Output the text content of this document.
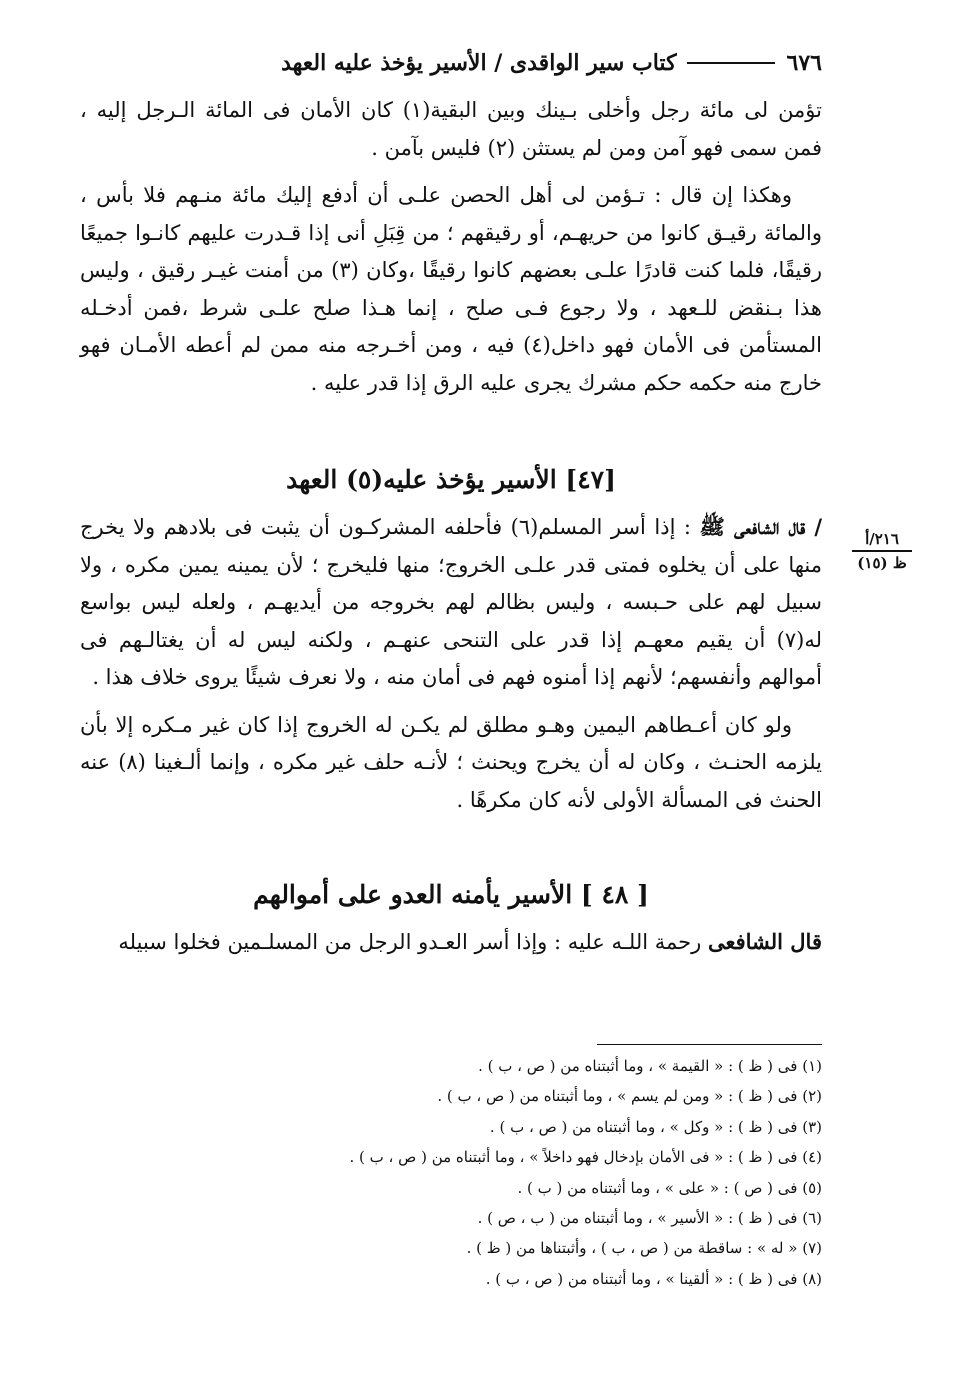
٦٧٦
كتاب سير الواقدى / الأسير يؤخذ عليه العهد
٢١٦/أ
ظ (١٥)

تؤمن لى مائة رجل وأخلى بـينك وبين البقية(١) كان الأمان فى المائة الـرجل إليه ، فمن سمى فهو آمن ومن لم يستثن (٢) فليس بآمن .

وهكذا إن قال : تـؤمن لى أهل الحصن علـى أن أدفع إليك مائة منـهم فلا بأس ، والمائة رقيـق كانوا من حريهـم، أو رقيقهم ؛ من قِبَلِ أنى إذا قـدرت عليهم كانـوا جميعًا رقيقًا، فلما كنت قادرًا علـى بعضهم كانوا رقيقًا ،وكان (٣) من أمنت غيـر رقيق ، وليس هذا بـنقض للـعهد ، ولا رجوع فـى صلح ، إنما هـذا صلح علـى شرط ،فمن أدخـله المستأمن فى الأمان فهو داخل(٤) فيه ، ومن أخـرجه منه ممن لم أعطه الأمـان فهو خارج منه حكمه حكم مشرك يجرى عليه الرق إذا قدر عليه .

[٤٧] الأسير يؤخذ عليه(٥) العهد

/ قال الشافعى ﷺ : إذا أسر المسلم(٦) فأحلفه المشركـون أن يثبت فى بلادهم ولا يخرج منها على أن يخلوه فمتى قدر علـى الخروج؛ منها فليخرج ؛ لأن يمينه يمين مكره ، ولا سبيل لهم على حـبسه ، وليس بظالم لهم بخروجه من أيديهـم ، ولعله ليس بواسع له(٧) أن يقيم معهـم إذا قدر على التنحى عنهـم ، ولكنه ليس له أن يغتالـهم فى أموالهم وأنفسهم؛ لأنهم إذا أمنوه فهم فى أمان منه ، ولا نعرف شيئًا يروى خلاف هذا .

ولو كان أعـطاهم اليمين وهـو مطلق لم يكـن له الخروج إذا كان غير مـكره إلا بأن يلزمه الحنـث ، وكان له أن يخرج ويحنث ؛ لأنـه حلف غير مكره ، وإنما ألـغينا (٨) عنه الحنث فى المسألة الأولى لأنه كان مكرهًا .

[ ٤٨ ] الأسير يأمنه العدو على أموالهم

قال الشافعى رحمة اللـه عليه : وإذا أسر العـدو الرجل من المسلـمين فخلوا سبيله

(١) فى ( ظ ) : « القيمة » ، وما أثبتناه من ( ص ، ب ) .
(٢) فى ( ظ ) : « ومن لم يسم » ، وما أثبتناه من ( ص ، ب ) .
(٣) فى ( ظ ) : « وكل » ، وما أثبتناه من ( ص ، ب ) .
(٤) فى ( ظ ) : « فى الأمان بإدخال فهو داخلاً » ، وما أثبتناه من ( ص ، ب ) .
(٥) فى ( ص ) : « على » ، وما أثبتناه من ( ب ) .
(٦) فى ( ظ ) : « الأسير » ، وما أثبتناه من ( ب ، ص ) .
(٧) « له » : ساقطة من ( ص ، ب ) ، وأثبتناها من ( ظ ) .
(٨) فى ( ظ ) : « ألقينا » ، وما أثبتناه من ( ص ، ب ) .
